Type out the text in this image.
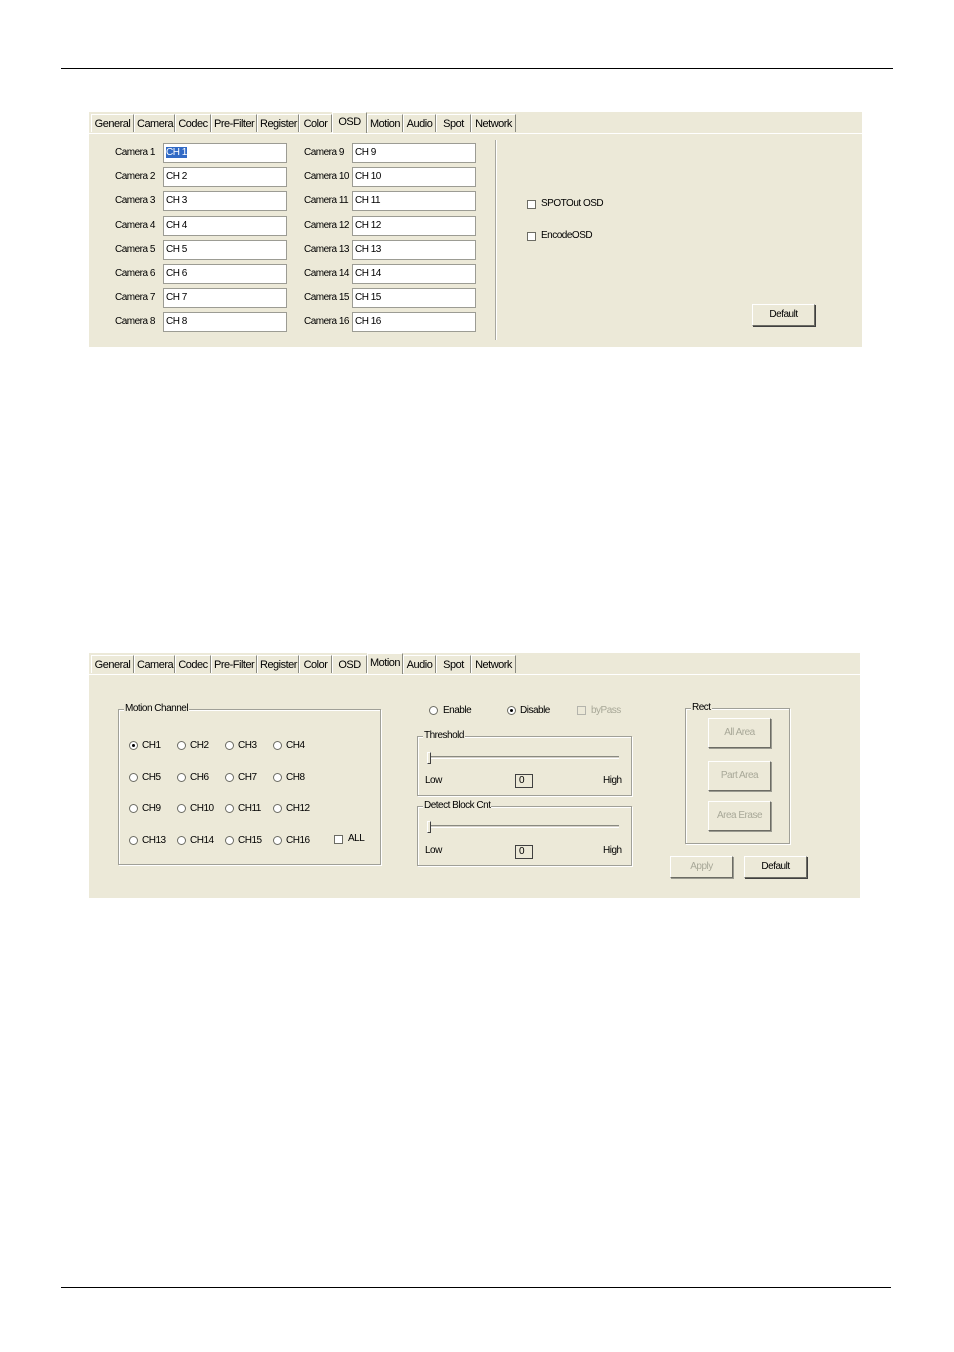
General Camera Codec Pre-Filter Register Color OSD Motion Audio Spot	Network
Camera 1	CH 1
Camera 2	CH 2
Camera 3	CH 3
Camera 4	CH 4
Camera 5	CH 5
Camera 6	CH 6
Camera 7	CH 7
Camera 8	CH 8
Camera 9	CH 9
Camera 10 CH 10
Camera 11 CH 11
Camera 12 CH 12
Camera 13 CH 13
Camera 14 CH 14
Camera 15 CH 15
Camera 16 CH 16
SPOTOut OSD
EncodeOSD
Default
General Camera Codec Pre-Filter Register Color OSD Motion Audio Spot	Network
Motion Channel
CH1	CH2	CH3	CH4
CH5	CH6	CH7	CH8
CH9	CH10 CH11	CH12
CH13 CH14 CH15 CH16	ALL
Enable	Disable	byPass
Threshold
Low	0	High
Detect Block Cnt
Low	0	High
Rect
All Area
Part Area
Area Erase
Apply	Default
